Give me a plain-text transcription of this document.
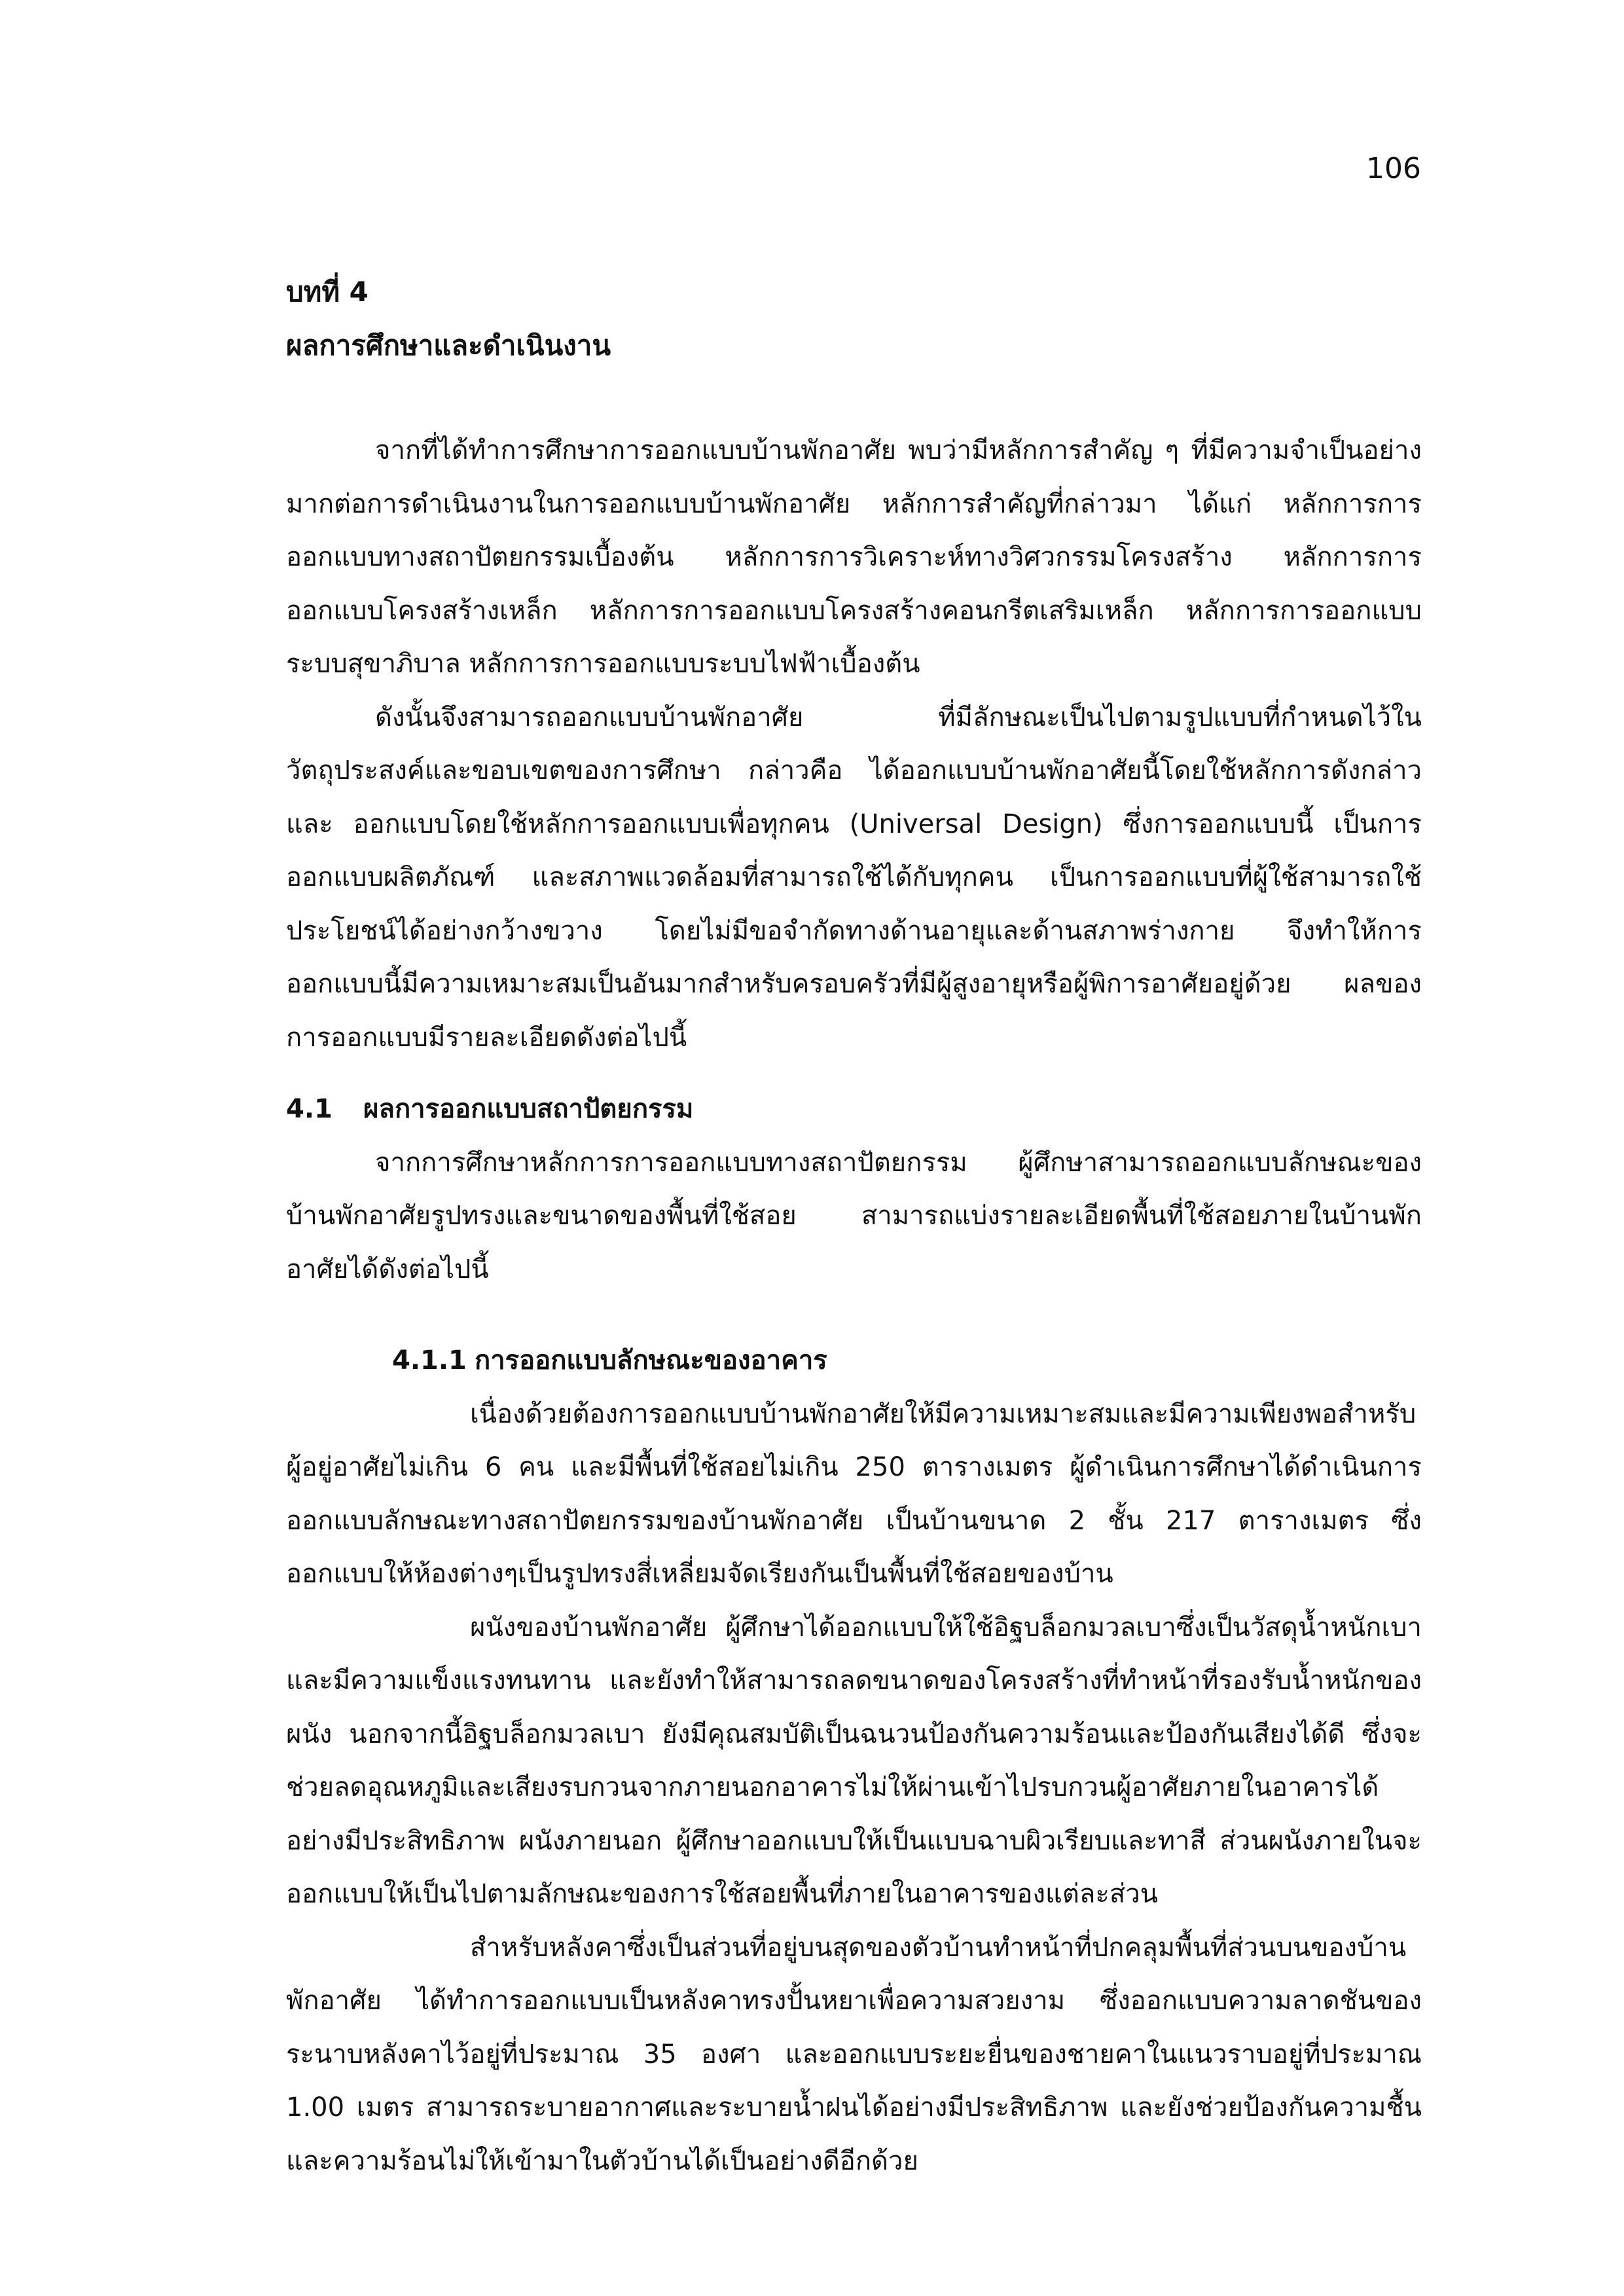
106

บทที่ 4

ผลการศึกษาและดำเนินงาน

จากที่ได้ทำการศึกษาการออกแบบบ้านพักอาศัย พบว่ามีหลักการสำคัญ ๆ ที่มีความจำเป็นอย่างมากต่อการดำเนินงานในการออกแบบบ้านพักอาศัย หลักการสำคัญที่กล่าวมา ได้แก่ หลักการการออกแบบทางสถาปัตยกรรมเบื้องต้น หลักการการวิเคราะห์ทางวิศวกรรมโครงสร้าง หลักการการออกแบบโครงสร้างเหล็ก หลักการการออกแบบโครงสร้างคอนกรีตเสริมเหล็ก หลักการการออกแบบระบบสุขาภิบาล หลักการการออกแบบระบบไฟฟ้าเบื้องต้น

ดังนั้นจึงสามารถออกแบบบ้านพักอาศัย ที่มีลักษณะเป็นไปตามรูปแบบที่กำหนดไว้ในวัตถุประสงค์และขอบเขตของการศึกษา กล่าวคือ ได้ออกแบบบ้านพักอาศัยนี้โดยใช้หลักการดังกล่าว และ ออกแบบโดยใช้หลักการออกแบบเพื่อทุกคน (Universal Design) ซึ่งการออกแบบนี้ เป็นการออกแบบผลิตภัณฑ์ และสภาพแวดล้อมที่สามารถใช้ได้กับทุกคน เป็นการออกแบบที่ผู้ใช้สามารถใช้ประโยชน์ได้อย่างกว้างขวาง โดยไม่มีขอจำกัดทางด้านอายุและด้านสภาพร่างกาย จึงทำให้การออกแบบนี้มีความเหมาะสมเป็นอันมากสำหรับครอบครัวที่มีผู้สูงอายุหรือผู้พิการอาศัยอยู่ด้วย ผลของการออกแบบมีรายละเอียดดังต่อไปนี้

4.1 ผลการออกแบบสถาปัตยกรรม

จากการศึกษาหลักการการออกแบบทางสถาปัตยกรรม ผู้ศึกษาสามารถออกแบบลักษณะของบ้านพักอาศัยรูปทรงและขนาดของพื้นที่ใช้สอย สามารถแบ่งรายละเอียดพื้นที่ใช้สอยภายในบ้านพักอาศัยได้ดังต่อไปนี้

4.1.1 การออกแบบลักษณะของอาคาร

เนื่องด้วยต้องการออกแบบบ้านพักอาศัยให้มีความเหมาะสมและมีความเพียงพอสำหรับผู้อยู่อาศัยไม่เกิน 6 คน และมีพื้นที่ใช้สอยไม่เกิน 250 ตารางเมตร ผู้ดำเนินการศึกษาได้ดำเนินการออกแบบลักษณะทางสถาปัตยกรรมของบ้านพักอาศัย เป็นบ้านขนาด 2 ชั้น 217 ตารางเมตร ซึ่งออกแบบให้ห้องต่างๆเป็นรูปทรงสี่เหลี่ยมจัดเรียงกันเป็นพื้นที่ใช้สอยของบ้าน

ผนังของบ้านพักอาศัย ผู้ศึกษาได้ออกแบบให้ใช้อิฐบล็อกมวลเบาซึ่งเป็นวัสดุน้ำหนักเบาและมีความแข็งแรงทนทาน และยังทำให้สามารถลดขนาดของโครงสร้างที่ทำหน้าที่รองรับน้ำหนักของผนัง นอกจากนี้อิฐบล็อกมวลเบา ยังมีคุณสมบัติเป็นฉนวนป้องกันความร้อนและป้องกันเสียงได้ดี ซึ่งจะช่วยลดอุณหภูมิและเสียงรบกวนจากภายนอกอาคารไม่ให้ผ่านเข้าไปรบกวนผู้อาศัยภายในอาคารได้อย่างมีประสิทธิภาพ ผนังภายนอก ผู้ศึกษาออกแบบให้เป็นแบบฉาบผิวเรียบและทาสี ส่วนผนังภายในจะออกแบบให้เป็นไปตามลักษณะของการใช้สอยพื้นที่ภายในอาคารของแต่ละส่วน

สำหรับหลังคาซึ่งเป็นส่วนที่อยู่บนสุดของตัวบ้านทำหน้าที่ปกคลุมพื้นที่ส่วนบนของบ้านพักอาศัย ได้ทำการออกแบบเป็นหลังคาทรงปั้นหยาเพื่อความสวยงาม ซึ่งออกแบบความลาดชันของระนาบหลังคาไว้อยู่ที่ประมาณ 35 องศา และออกแบบระยะยื่นของชายคาในแนวราบอยู่ที่ประมาณ 1.00 เมตร สามารถระบายอากาศและระบายน้ำฝนได้อย่างมีประสิทธิภาพ และยังช่วยป้องกันความชื้นและความร้อนไม่ให้เข้ามาในตัวบ้านได้เป็นอย่างดีอีกด้วย
